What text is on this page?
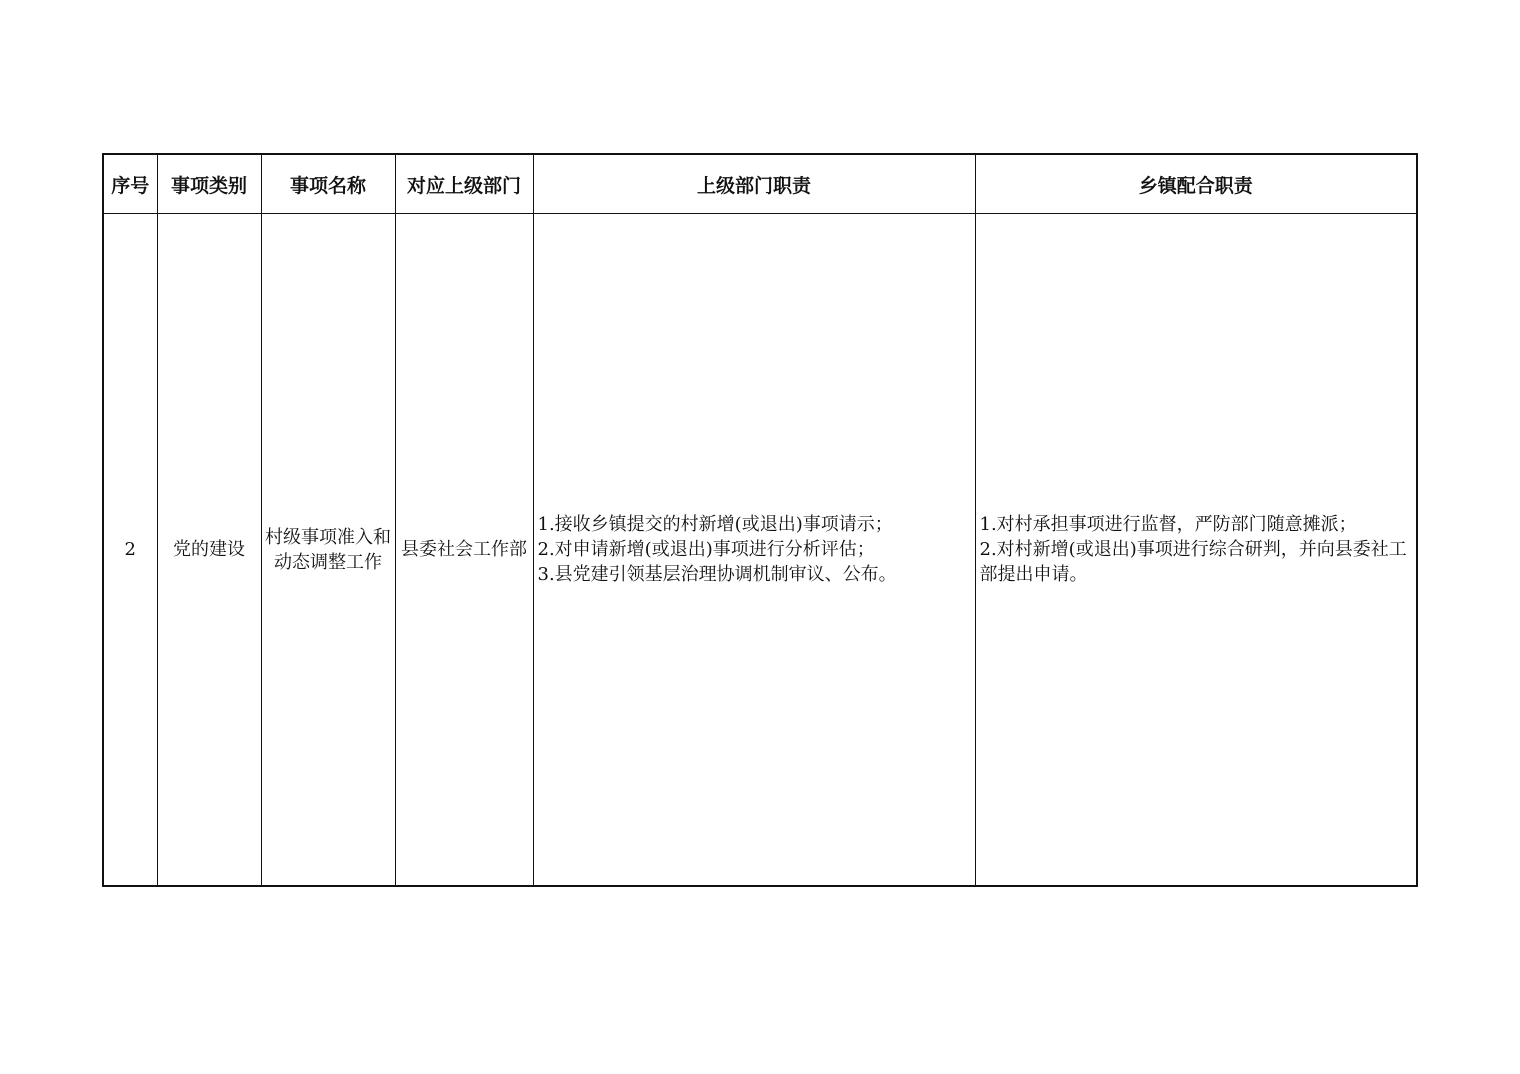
序号	事项类别	事项名称	对应上级部门	上级部门职责	乡镇配合职责
2	党的建设	村级事项准入和动态调整工作	县委社会工作部	1.接收乡镇提交的村新增(或退出)事项请示；
2.对申请新增(或退出)事项进行分析评估；
3.县党建引领基层治理协调机制审议、公布。	1.对村承担事项进行监督，严防部门随意摊派；
2.对村新增(或退出)事项进行综合研判，并向县委社工部提出申请。
